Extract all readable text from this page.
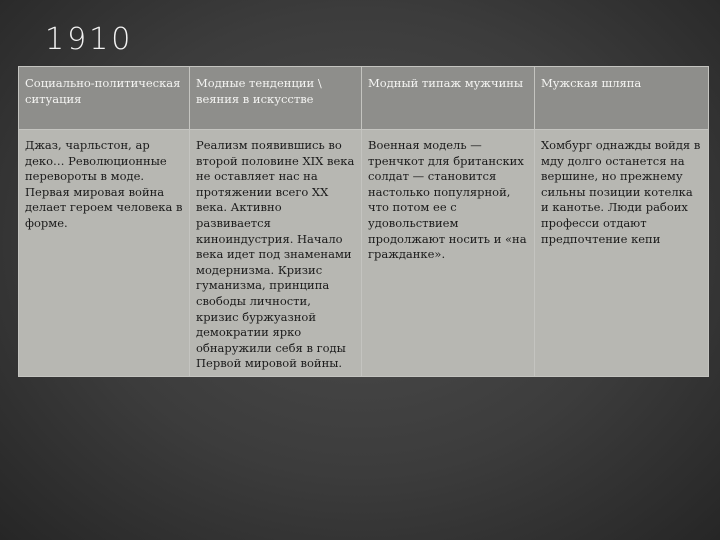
1910
Социально-политическая ситуация	Модные тенденции \ веяния в искусстве	Модный типаж мужчины	Мужская шляпа
Джаз, чарльстон, ар деко… Революционные перевороты в моде. Первая мировая война делает героем человека в форме.	Реализм появившись во второй половине XIX века не оставляет нас на протяжении всего XX века. Активно развивается киноиндустрия. Начало века идет под знаменами модернизма. Кризис гуманизма, принципа свободы личности, кризис буржуазной демократии ярко обнаружили себя в годы Первой мировой войны.	Военная модель — тренчкот для британских солдат — становится настолько популярной, что потом ее с удовольствием продолжают носить и «на гражданке».	Хомбург однажды войдя в мду долго останется на вершине, но прежнему сильны позиции котелка и канотье. Люди рабоих професси отдают предпочтение кепи
